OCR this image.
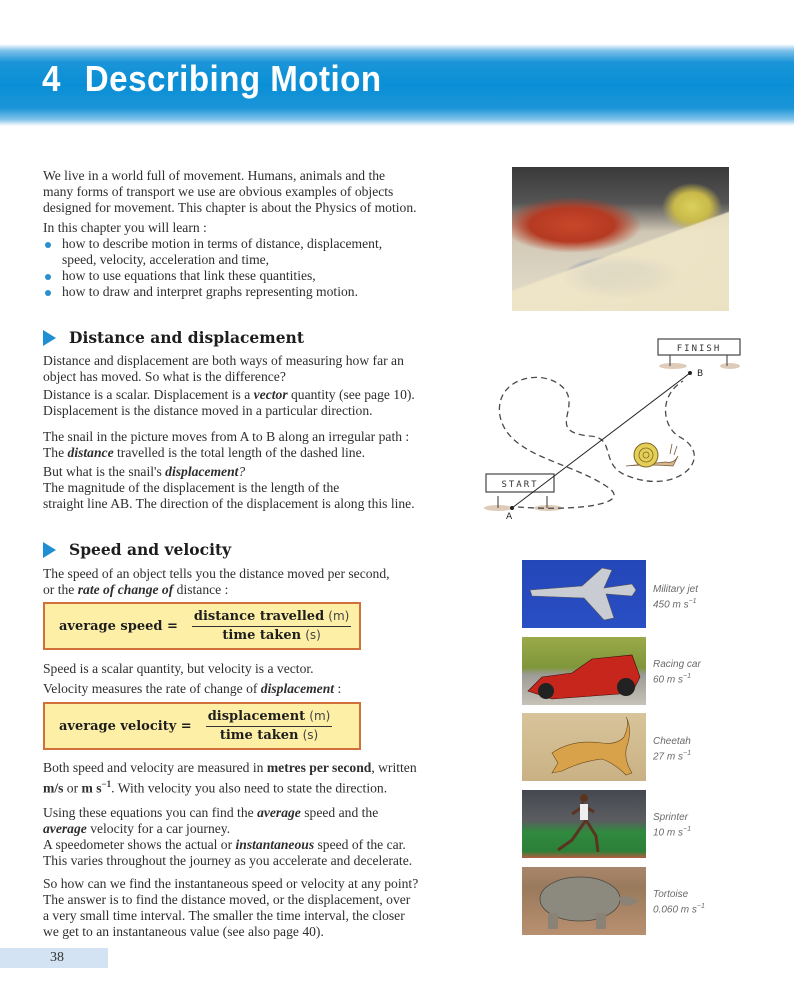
4 Describing Motion
We live in a world full of movement. Humans, animals and the
many forms of transport we use are obvious examples of objects
designed for movement. This chapter is about the Physics of motion.
In this chapter you will learn :
how to describe motion in terms of distance, displacement,
speed, velocity, acceleration and time,
how to use equations that link these quantities,
how to draw and interpret graphs representing motion.
Distance and displacement
Distance and displacement are both ways of measuring how far an
object has moved. So what is the difference?
Distance is a scalar. Displacement is a vector quantity (see page 10).
Displacement is the distance moved in a particular direction.
The snail in the picture moves from A to B along an irregular path :
The distance travelled is the total length of the dashed line.
But what is the snail's displacement?
The magnitude of the displacement is the length of the
straight line AB. The direction of the displacement is along this line.
FINISH
START
A
B
Speed and velocity
The speed of an object tells you the distance moved per second,
or the rate of change of distance :
average speed = $\frac{\text{distance travelled (m)}}{\text{time taken (s)}}$
Speed is a scalar quantity, but velocity is a vector.
Velocity measures the rate of change of displacement :
average velocity = $\frac{\text{displacement (m)}}{\text{time taken (s)}}$
Both speed and velocity are measured in metres per second, written
m/s or m $s^{-1}$. With velocity you also need to state the direction.
Using these equations you can find the average speed and the
average velocity for a car journey.
A speedometer shows the actual or instantaneous speed of the car.
This varies throughout the journey as you accelerate and decelerate.
So how can we find the instantaneous speed or velocity at any point?
The answer is to find the distance moved, or the displacement, over
a very small time interval. The smaller the time interval, the closer
we get to an instantaneous value (see also page 40).
Military jet
450 m $s^{-1}$
Racing car
60 m $s^{-1}$
Cheetah
27 m $s^{-1}$
Sprinter
10 m $s^{-1}$
Tortoise
0.060 m $s^{-1}$
38
